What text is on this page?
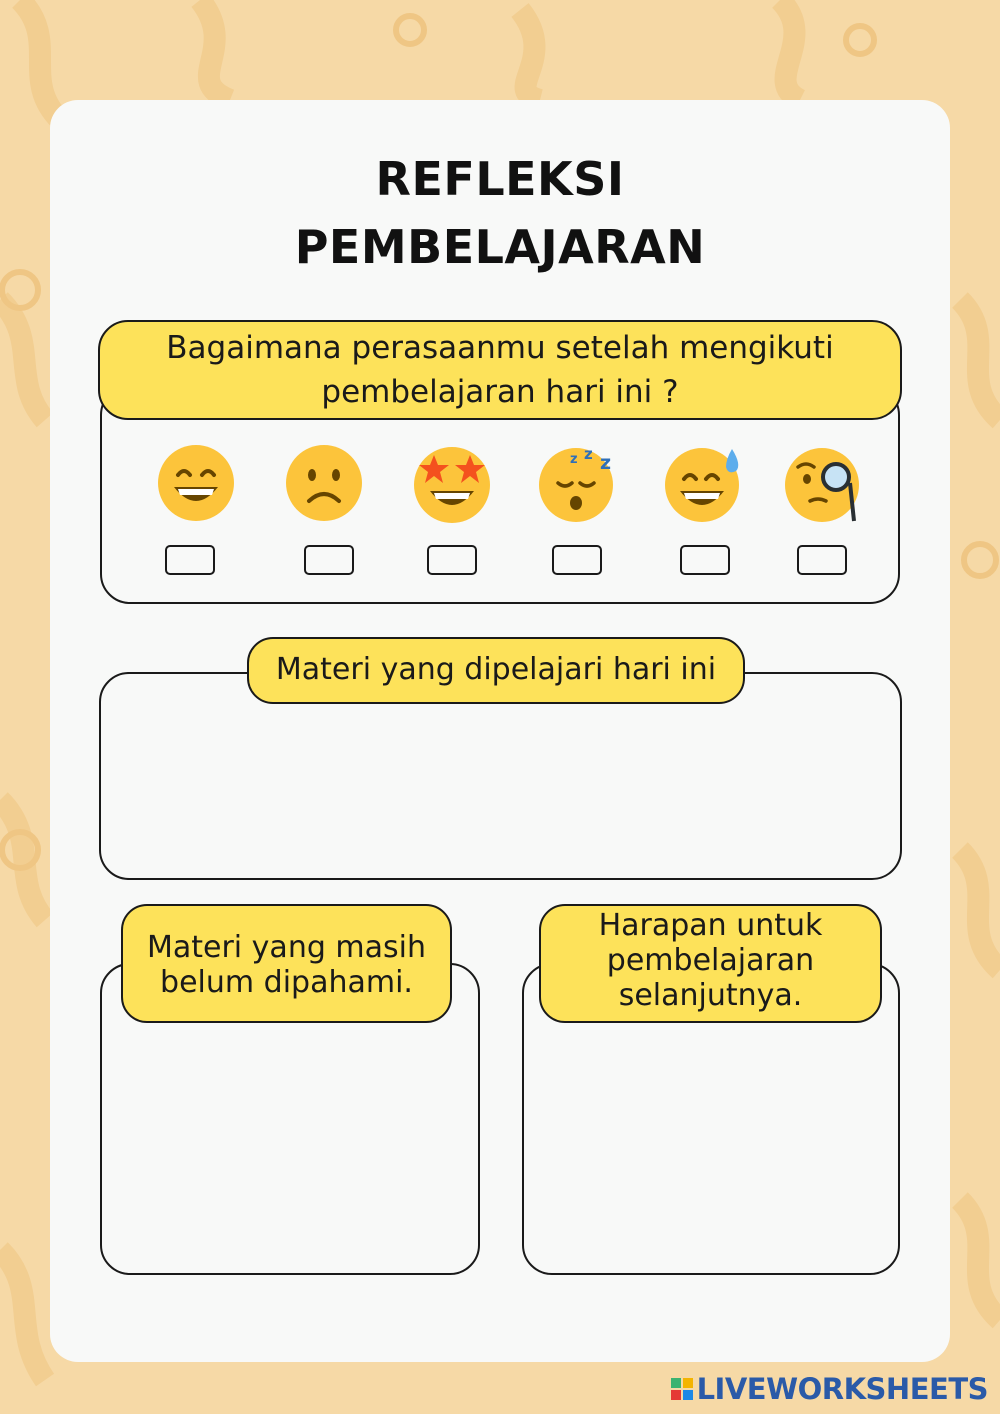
REFLEKSI
PEMBELAJARAN
Bagaimana perasaanmu setelah mengikuti
pembelajaran hari ini ?
z z z
Materi yang dipelajari hari ini
Materi yang masih
belum dipahami.
Harapan untuk
pembelajaran
selanjutnya.
LIVEWORKSHEETS
